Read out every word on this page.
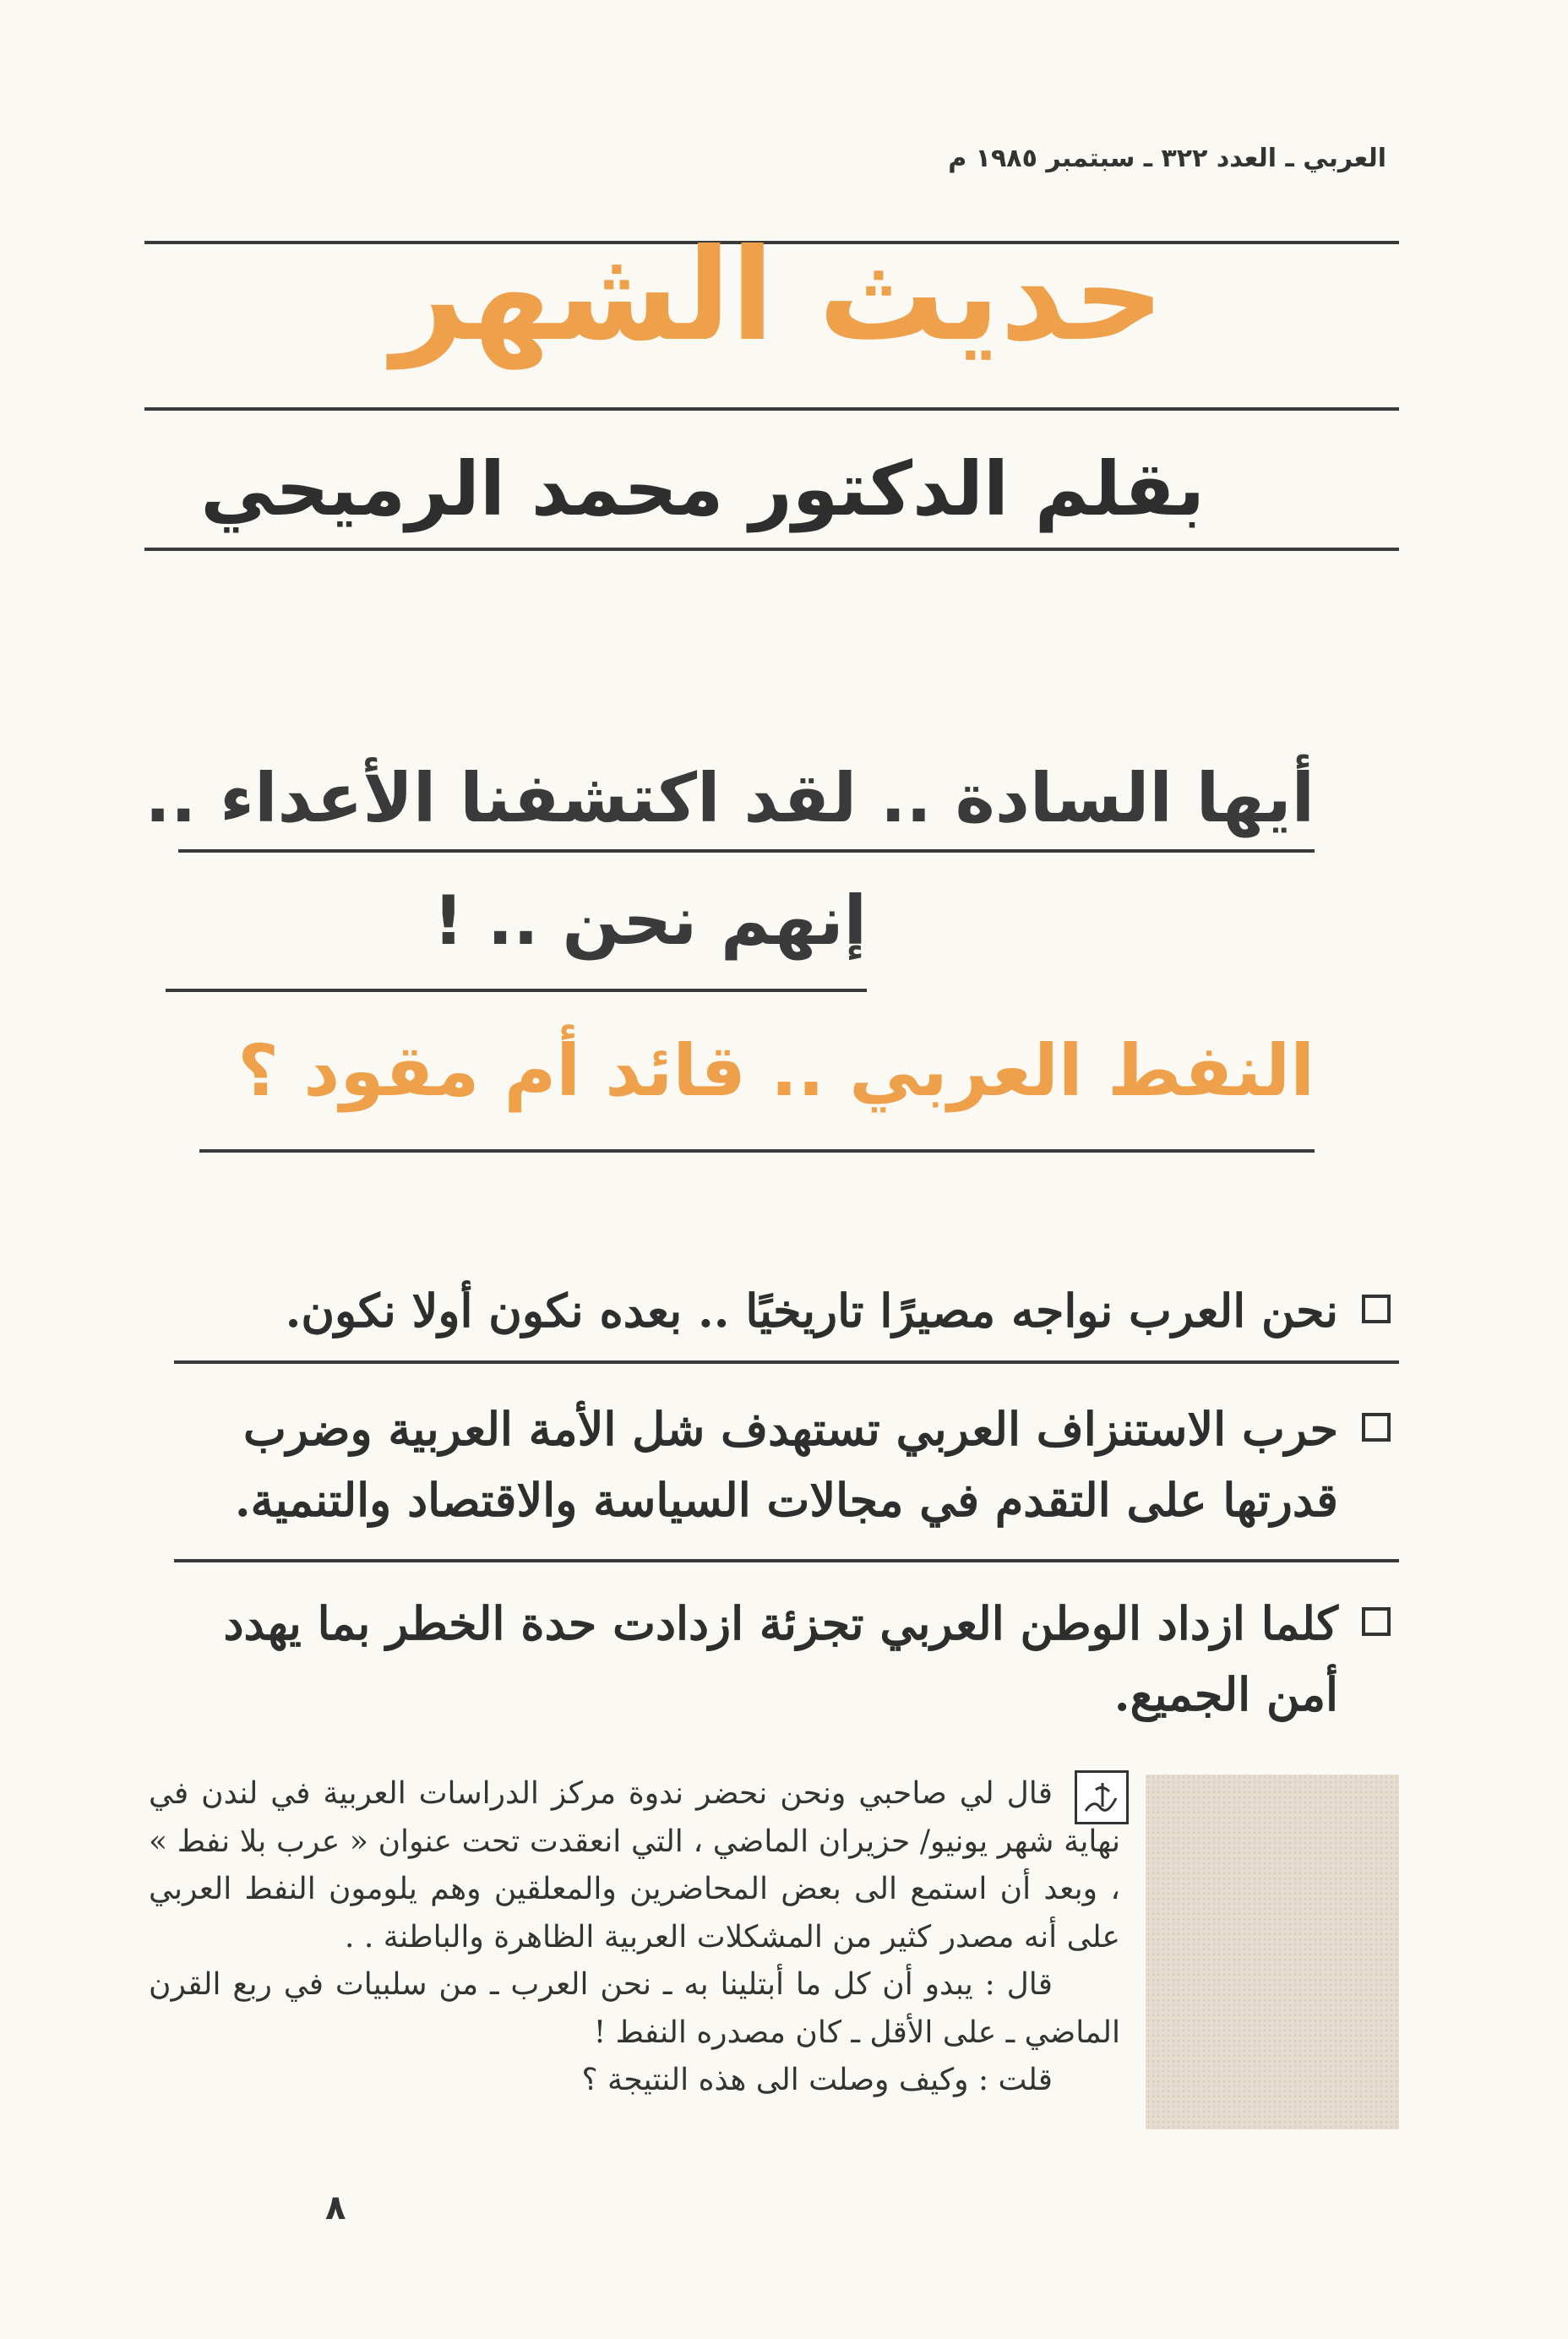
العربي ـ العدد ٣٢٢ ـ سبتمبر ١٩٨٥ م
حديث الشهر
بقلم الدكتور محمد الرميحي
أيها السادة .. لقد اكتشفنا الأعداء ..
إنهم نحن .. !
النفط العربي .. قائد أم مقود ؟
نحن العرب نواجه مصيرًا تاريخيًا .. بعده نكون أولا نكون.
حرب الاستنزاف العربي تستهدف شل الأمة العربية وضرب قدرتها على التقدم في مجالات السياسة والاقتصاد والتنمية.
كلما ازداد الوطن العربي تجزئة ازدادت حدة الخطر بما يهدد أمن الجميع.

قال لي صاحبي ونحن نحضر ندوة مركز الدراسات العربية في لندن في نهاية شهر يونيو/ حزيران الماضي ، التي انعقدت تحت عنوان « عرب بلا نفط » ، وبعد أن استمع الى بعض المحاضرين والمعلقين وهم يلومون النفط العربي على أنه مصدر كثير من المشكلات العربية الظاهرة والباطنة . .

قال : يبدو أن كل ما أبتلينا به ـ نحن العرب ـ من سلبيات في ربع القرن الماضي ـ على الأقل ـ كان مصدره النفط !

قلت : وكيف وصلت الى هذه النتيجة ؟

٨
